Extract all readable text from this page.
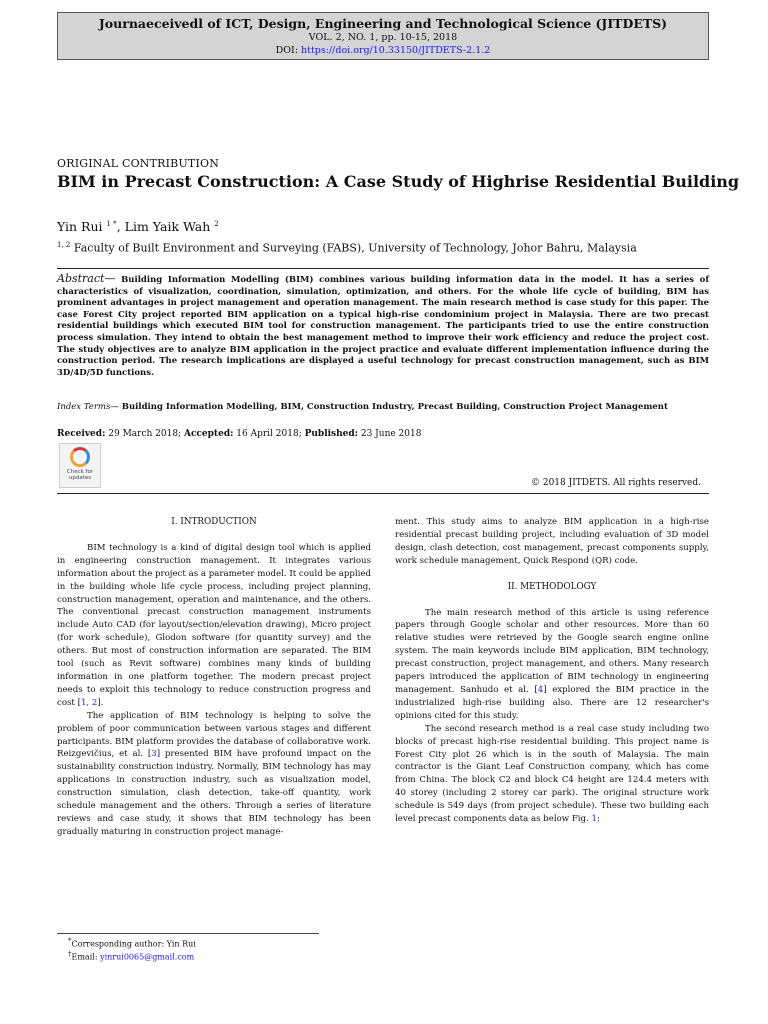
Journaeceivedl of ICT, Design, Engineering and Technological Science (JITDETS)
VOL. 2, NO. 1, pp. 10-15, 2018
DOI: https://doi.org/10.33150/JITDETS-2.1.2
ORIGINAL CONTRIBUTION
BIM in Precast Construction: A Case Study of Highrise Residential Building
Yin Rui $^{1 *}$, Lim Yaik Wah $^2$
$^{1, 2}$ Faculty of Built Environment and Surveying (FABS), University of Technology, Johor Bahru, Malaysia
Abstract— Building Information Modelling (BIM) combines various building information data in the model. It has a series of characteristics of visualization, coordination, simulation, optimization, and others. For the whole life cycle of building, BIM has prominent advantages in project management and operation management. The main research method is case study for this paper. The case Forest City project reported BIM application on a typical high-rise condominium project in Malaysia. There are two precast residential buildings which executed BIM tool for construction management. The participants tried to use the entire construction process simulation. They intend to obtain the best management method to improve their work efficiency and reduce the project cost. The study objectives are to analyze BIM application in the project practice and evaluate different implementation influence during the construction period. The research implications are displayed a useful technology for precast construction management, such as BIM 3D/4D/5D functions.
Index Terms— Building Information Modelling, BIM, Construction Industry, Precast Building, Construction Project Management
Received: 29 March 2018; Accepted: 16 April 2018; Published: 23 June 2018
Check for
updates	© 2018 JITDETS. All rights reserved.
I. INTRODUCTION

BIM technology is a kind of digital design tool which is applied in engineering construction management. It integrates various information about the project as a parameter model. It could be applied in the building whole life cycle process, including project planning, construction management, operation and maintenance, and the others. The conventional precast construction management instruments include Auto CAD (for layout/section/elevation drawing), Micro project (for work schedule), Glodon software (for quantity survey) and the others. But most of construction information are separated. The BIM tool (such as Revit software) combines many kinds of building information in one platform together. The modern precast project needs to exploit this technology to reduce construction progress and cost [1, 2].

The application of BIM technology is helping to solve the problem of poor communication between various stages and different participants. BIM platform provides the database of collaborative work. Reizgevičius, et al. [3] presented BIM have profound impact on the sustainability construction industry. Normally, BIM technology has may applications in construction industry, such as visualization model, construction simulation, clash detection, take-off quantity, work schedule management and the others. Through a series of literature reviews and case study, it shows that BIM technology has been gradually maturing in construction project manage-

ment. This study aims to analyze BIM application in a high-rise residential precast building project, including evaluation of 3D model design, clash detection, cost management, precast components supply, work schedule management, Quick Respond (QR) code.

II. METHODOLOGY

The main research method of this article is using reference papers through Google scholar and other resources. More than 60 relative studies were retrieved by the Google search engine online system. The main keywords include BIM application, BIM technology, precast construction, project management, and others. Many research papers introduced the application of BIM technology in engineering management. Sanhudo et al. [4] explored the BIM practice in the industrialized high-rise building also. There are 12 researcher's opinions cited for this study.

The second research method is a real case study including two blocks of precast high-rise residential building. This project name is Forest City plot 26 which is in the south of Malaysia. The main contractor is the Giant Leaf Construction company, which has come from China. The block C2 and block C4 height are 124.4 meters with 40 storey (including 2 storey car park). The original structure work schedule is 549 days (from project schedule). These two building each level precast components data as below Fig. 1:

*Corresponding author: Yin Rui
†Email: yinrui0065@gmail.com
